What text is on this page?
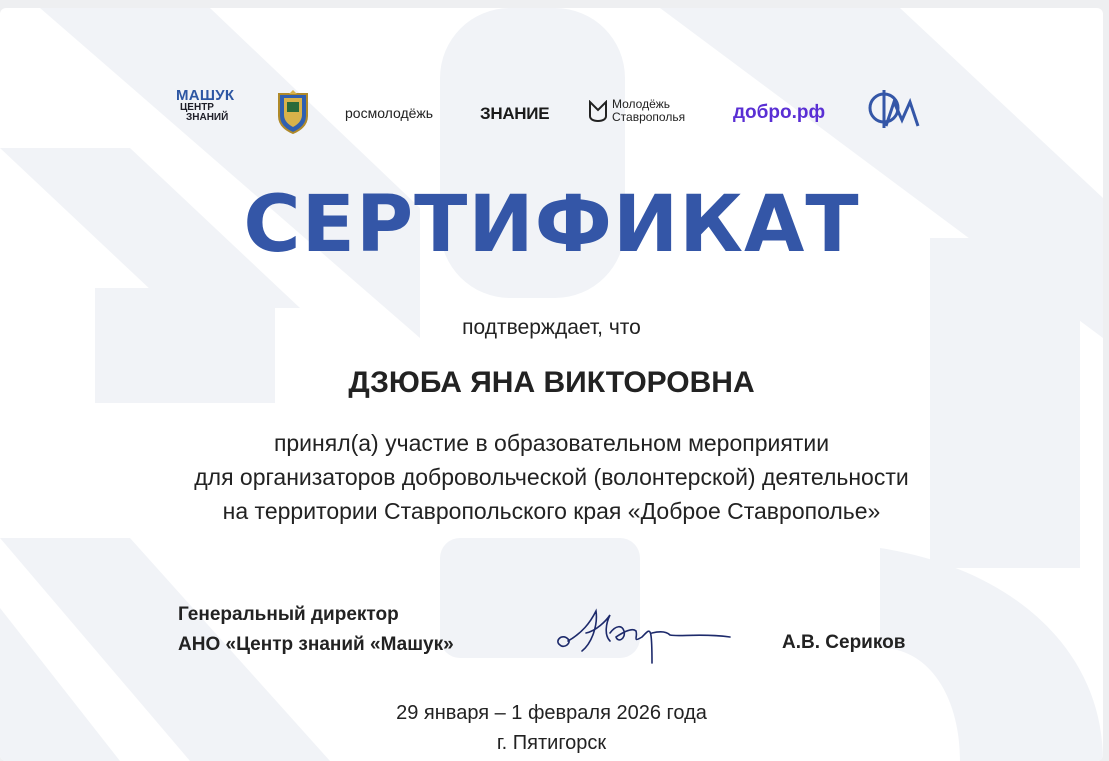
МАШУК
ЦЕНТР
ЗНАНИЙ	росмолодёжь	ЗНАНИЕ	Молодёжь
Ставрополья	добро.рф
СЕРТИФИКАТ
подтверждает, что
ДЗЮБА ЯНА ВИКТОРОВНА
принял(а) участие в образовательном мероприятии
для организаторов добровольческой (волонтерской) деятельности
на территории Ставропольского края «Доброе Ставрополье»
Генеральный директор
АНО «Центр знаний «Машук»	А.В. Сериков
29 января – 1 февраля 2026 года
г. Пятигорск
